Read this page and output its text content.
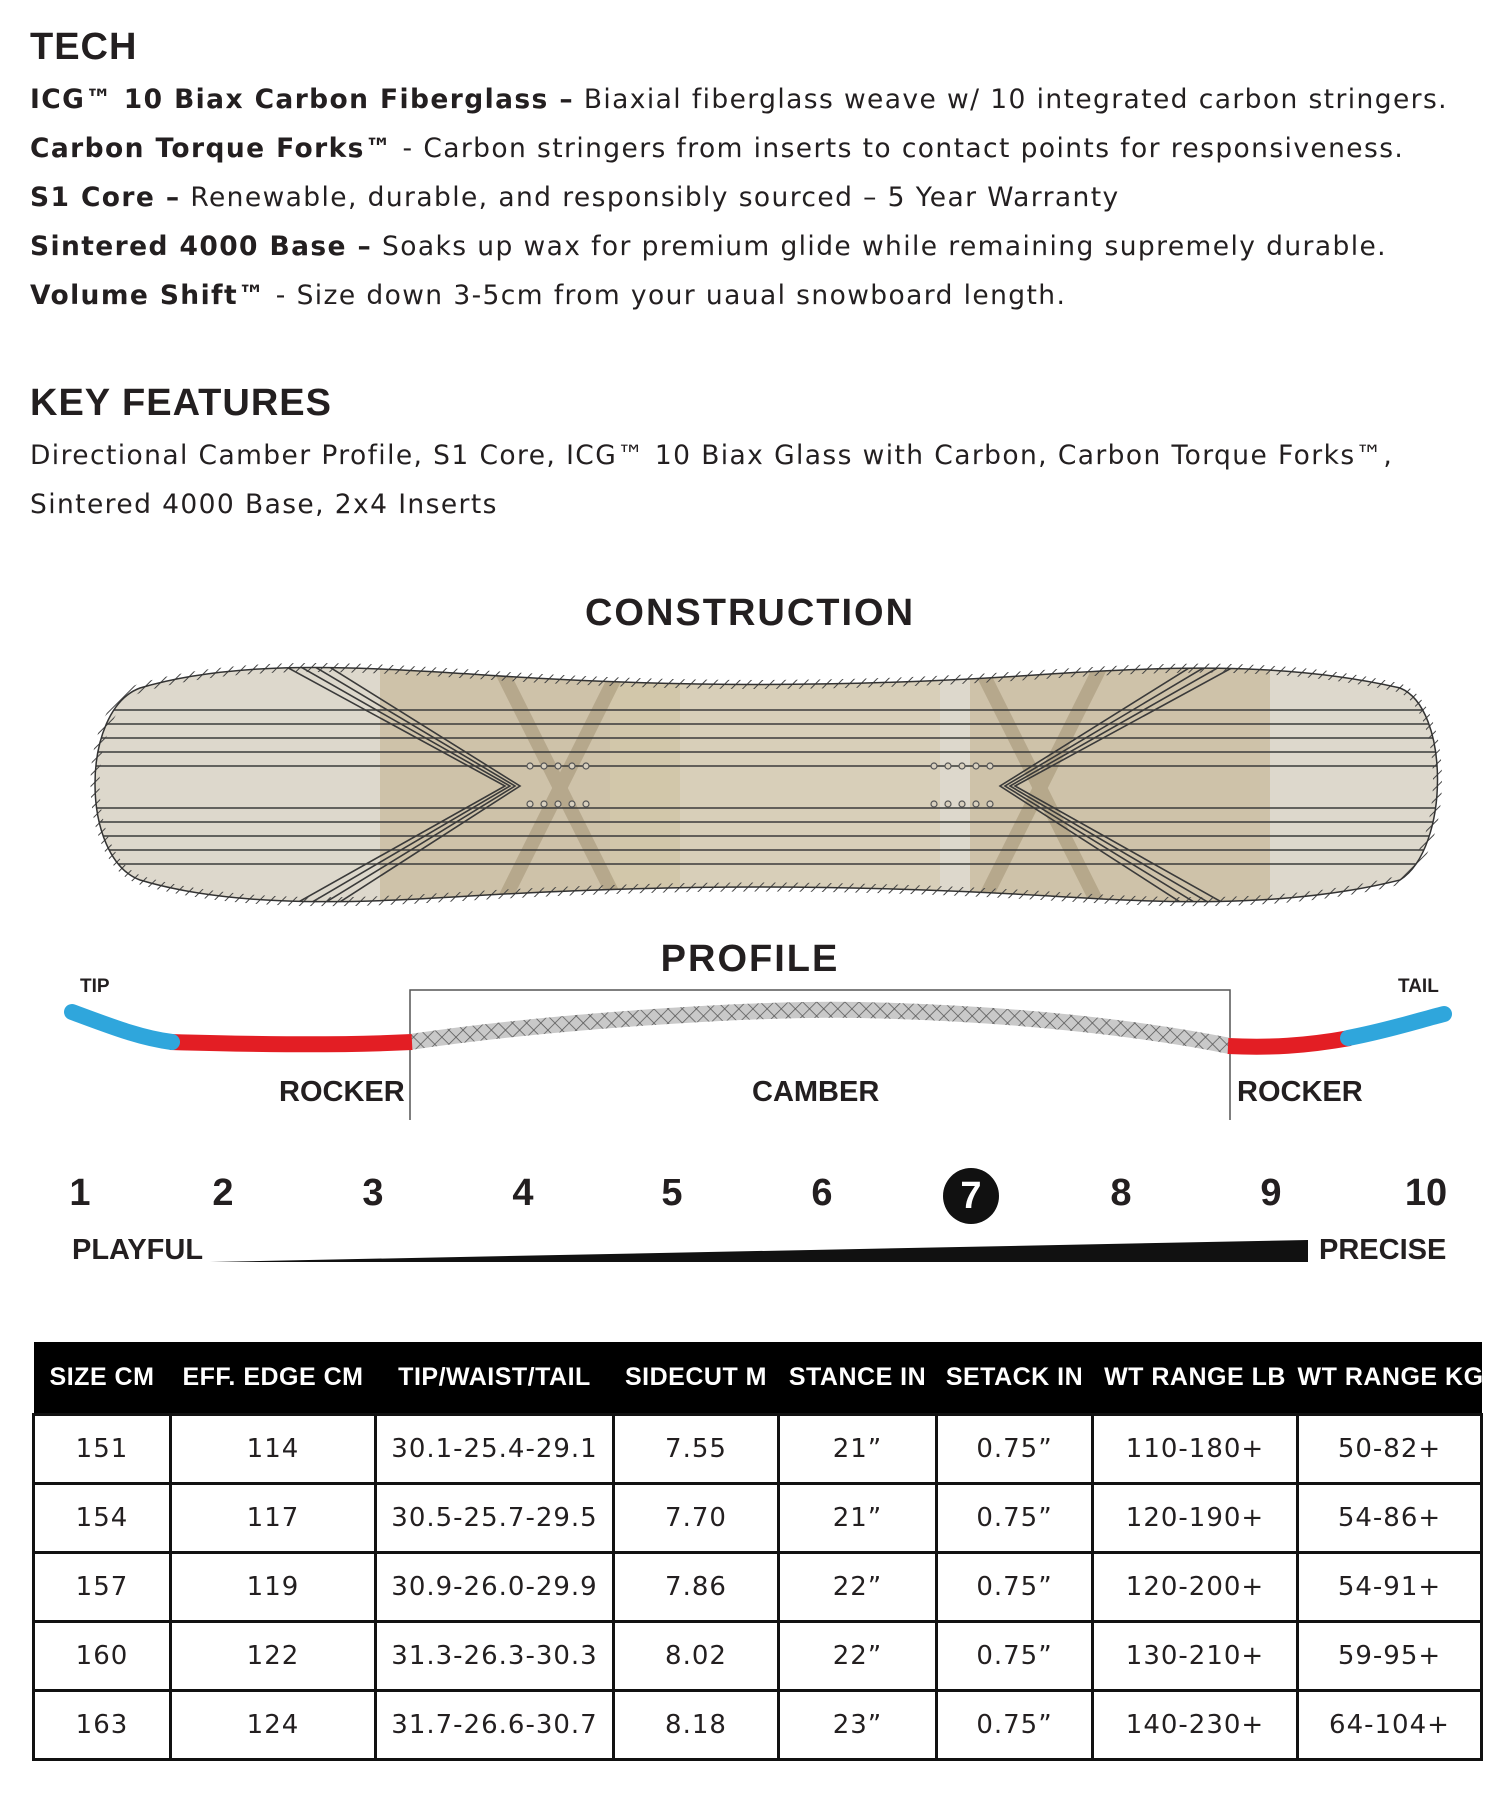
TECH
ICG™ 10 Biax Carbon Fiberglass – Biaxial fiberglass weave w/ 10 integrated carbon stringers.
Carbon Torque Forks™ - Carbon stringers from inserts to contact points for responsiveness.
S1 Core – Renewable, durable, and responsibly sourced – 5 Year Warranty
Sintered 4000 Base – Soaks up wax for premium glide while remaining supremely durable.
Volume Shift™ - Size down 3-5cm from your uaual snowboard length.
KEY FEATURES
Directional Camber Profile, S1 Core, ICG™ 10 Biax Glass with Carbon, Carbon Torque Forks™,
Sintered 4000 Base, 2x4 Inserts
CONSTRUCTION
PROFILE
TIP	TAIL
ROCKER	CAMBER	ROCKER
1	2	3	4	5	6	7	8	9	10
PLAYFUL	PRECISE
SIZE CM	EFF. EDGE CM	TIP/WAIST/TAIL	SIDECUT M	STANCE IN	SETACK IN	WT RANGE LB	WT RANGE KG
151	114	30.1-25.4-29.1	7.55	21”	0.75”	110-180+	50-82+
154	117	30.5-25.7-29.5	7.70	21”	0.75”	120-190+	54-86+
157	119	30.9-26.0-29.9	7.86	22”	0.75”	120-200+	54-91+
160	122	31.3-26.3-30.3	8.02	22”	0.75”	130-210+	59-95+
163	124	31.7-26.6-30.7	8.18	23”	0.75”	140-230+	64-104+
